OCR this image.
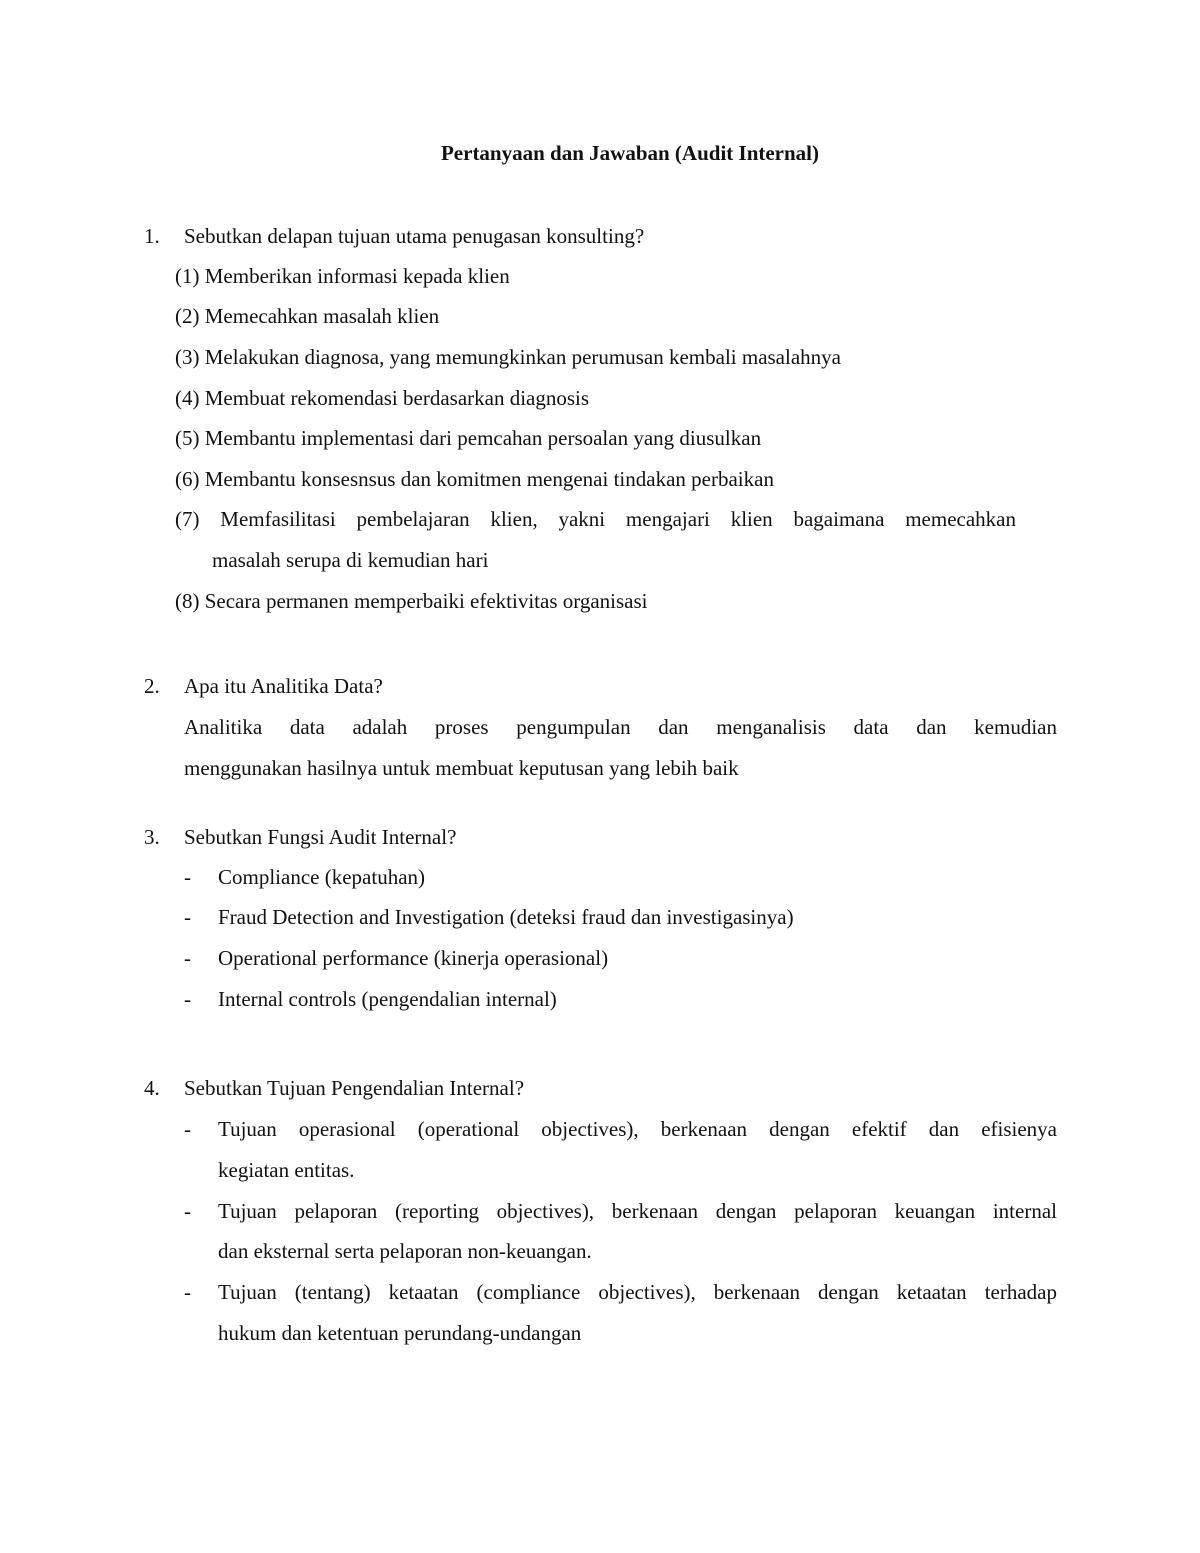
Pertanyaan dan Jawaban (Audit Internal)
1. Sebutkan delapan tujuan utama penugasan konsulting?
(1) Memberikan informasi kepada klien
(2) Memecahkan masalah klien
(3) Melakukan diagnosa, yang memungkinkan perumusan kembali masalahnya
(4) Membuat rekomendasi berdasarkan diagnosis
(5) Membantu implementasi dari pemcahan persoalan yang diusulkan
(6) Membantu konsesnsus dan komitmen mengenai tindakan perbaikan
(7) Memfasilitasi pembelajaran klien, yakni mengajari klien bagaimana memecahkan
masalah serupa di kemudian hari
(8) Secara permanen memperbaiki efektivitas organisasi
2. Apa itu Analitika Data?
Analitika data adalah proses pengumpulan dan menganalisis data dan kemudian
menggunakan hasilnya untuk membuat keputusan yang lebih baik
3. Sebutkan Fungsi Audit Internal?
- Compliance (kepatuhan)
- Fraud Detection and Investigation (deteksi fraud dan investigasinya)
- Operational performance (kinerja operasional)
- Internal controls (pengendalian internal)
4. Sebutkan Tujuan Pengendalian Internal?
- Tujuan operasional (operational objectives), berkenaan dengan efektif dan efisienya
kegiatan entitas.
- Tujuan pelaporan (reporting objectives), berkenaan dengan pelaporan keuangan internal
dan eksternal serta pelaporan non-keuangan.
- Tujuan (tentang) ketaatan (compliance objectives), berkenaan dengan ketaatan terhadap
hukum dan ketentuan perundang-undangan
